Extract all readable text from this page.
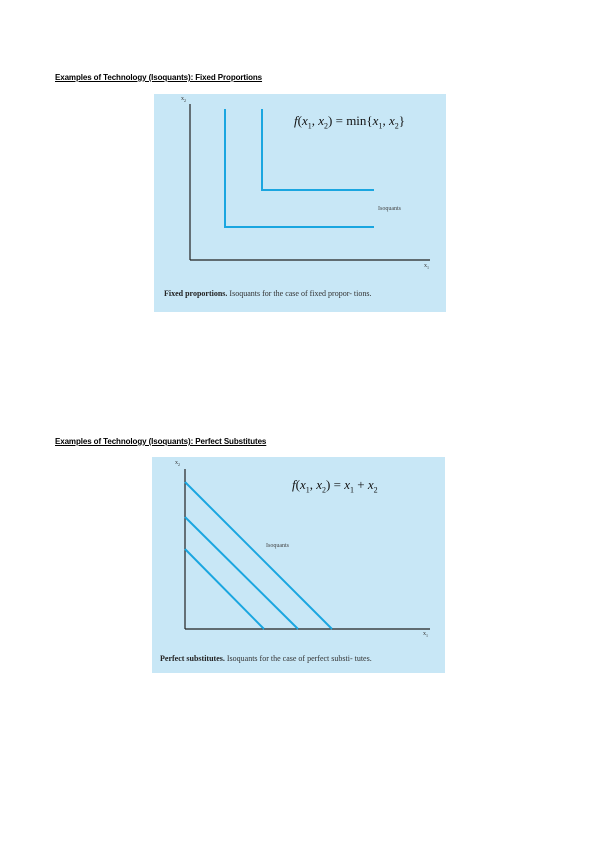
Examples of Technology (Isoquants): Fixed Proportions
$x_2$
$x_1$
$f(x_1$, $x_2) = \min\{x_1$, $x_2$}
Isoquants
Fixed proportions. Isoquants for the case of fixed propor- tions.
Examples of Technology (Isoquants): Perfect Substitutes
$x_2$
$x_1$
$f(x_1$, $x_2) = x_1 + x_2$
Isoquants
Perfect substitutes. Isoquants for the case of perfect substi- tutes.
